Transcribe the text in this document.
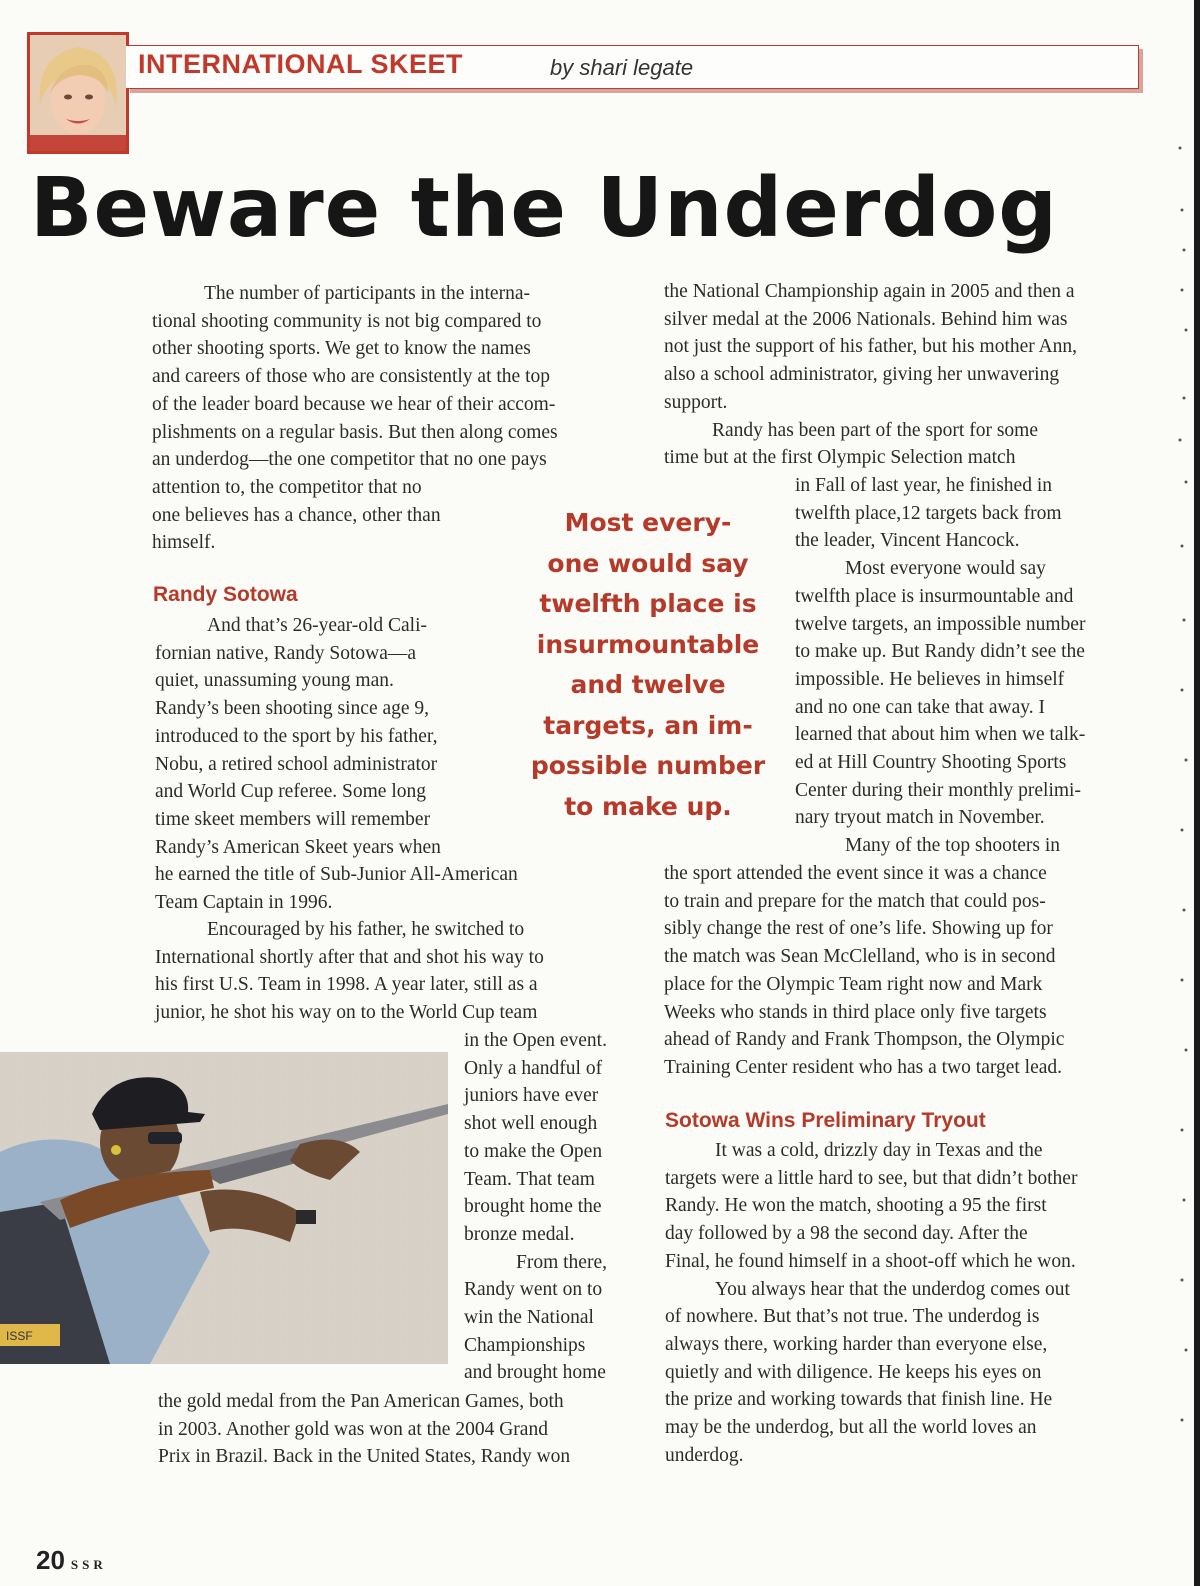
INTERNATIONAL SKEET	by shari legate
Beware the Underdog

The number of participants in the interna-
tional shooting community is not big compared to
other shooting sports. We get to know the names
and careers of those who are consistently at the top
of the leader board because we hear of their accom-
plishments on a regular basis. But then along comes
an underdog—the one competitor that no one pays
attention to, the competitor that no
one believes has a chance, other than
himself.

Randy Sotowa

And that’s 26-year-old Cali-
fornian native, Randy Sotowa—a
quiet, unassuming young man.
Randy’s been shooting since age 9,
introduced to the sport by his father,
Nobu, a retired school administrator
and World Cup referee. Some long
time skeet members will remember
Randy’s American Skeet years when
he earned the title of Sub-Junior All-American
Team Captain in 1996.

Encouraged by his father, he switched to
International shortly after that and shot his way to
his first U.S. Team in 1998. A year later, still as a
junior, he shot his way on to the World Cup team

in the Open event.
Only a handful of
juniors have ever
shot well enough
to make the Open
Team. That team
brought home the
bronze medal.
From there,
Randy went on to
win the National
Championships
and brought home
the gold medal from the Pan American Games, both
in 2003. Another gold was won at the 2004 Grand
Prix in Brazil. Back in the United States, Randy won
ISSF
Most every-
one would say
twelfth place is
insurmountable
and twelve
targets, an im-
possible number
to make up.
the National Championship again in 2005 and then a
silver medal at the 2006 Nationals. Behind him was
not just the support of his father, but his mother Ann,
also a school administrator, giving her unwavering
support.
Randy has been part of the sport for some
time but at the first Olympic Selection match
in Fall of last year, he finished in
twelfth place,12 targets back from
the leader, Vincent Hancock.
Most everyone would say
twelfth place is insurmountable and
twelve targets, an impossible number
to make up. But Randy didn’t see the
impossible. He believes in himself
and no one can take that away. I
learned that about him when we talk-
ed at Hill Country Shooting Sports
Center during their monthly prelimi-
nary tryout match in November.
Many of the top shooters in
the sport attended the event since it was a chance
to train and prepare for the match that could pos-
sibly change the rest of one’s life. Showing up for
the match was Sean McClelland, who is in second
place for the Olympic Team right now and Mark
Weeks who stands in third place only five targets
ahead of Randy and Frank Thompson, the Olympic
Training Center resident who has a two target lead.
Sotowa Wins Preliminary Tryout
It was a cold, drizzly day in Texas and the
targets were a little hard to see, but that didn’t bother
Randy. He won the match, shooting a 95 the first
day followed by a 98 the second day. After the
Final, he found himself in a shoot-off which he won.
You always hear that the underdog comes out
of nowhere. But that’s not true. The underdog is
always there, working harder than everyone else,
quietly and with diligence. He keeps his eyes on
the prize and working towards that finish line. He
may be the underdog, but all the world loves an
underdog.
20 SSR
